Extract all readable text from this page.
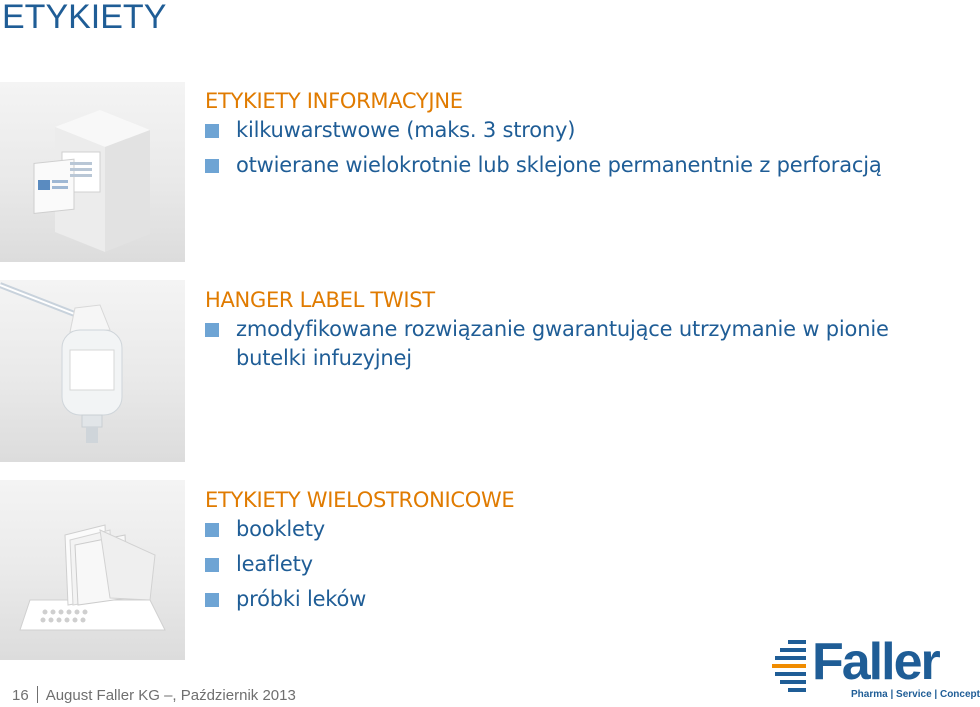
ETYKIETY
ETYKIETY INFORMACYJNE
kilkuwarstwowe (maks. 3 strony)
otwierane wielokrotnie lub sklejone permanentnie z perforacją
HANGER LABEL TWIST
zmodyfikowane rozwiązanie gwarantujące utrzymanie w pionie butelki infuzyjnej
ETYKIETY WIELOSTRONICOWE
booklety
leaflety
próbki leków
16 August Faller KG –, Październik 2013
Faller
Pharma | Service | Concept
